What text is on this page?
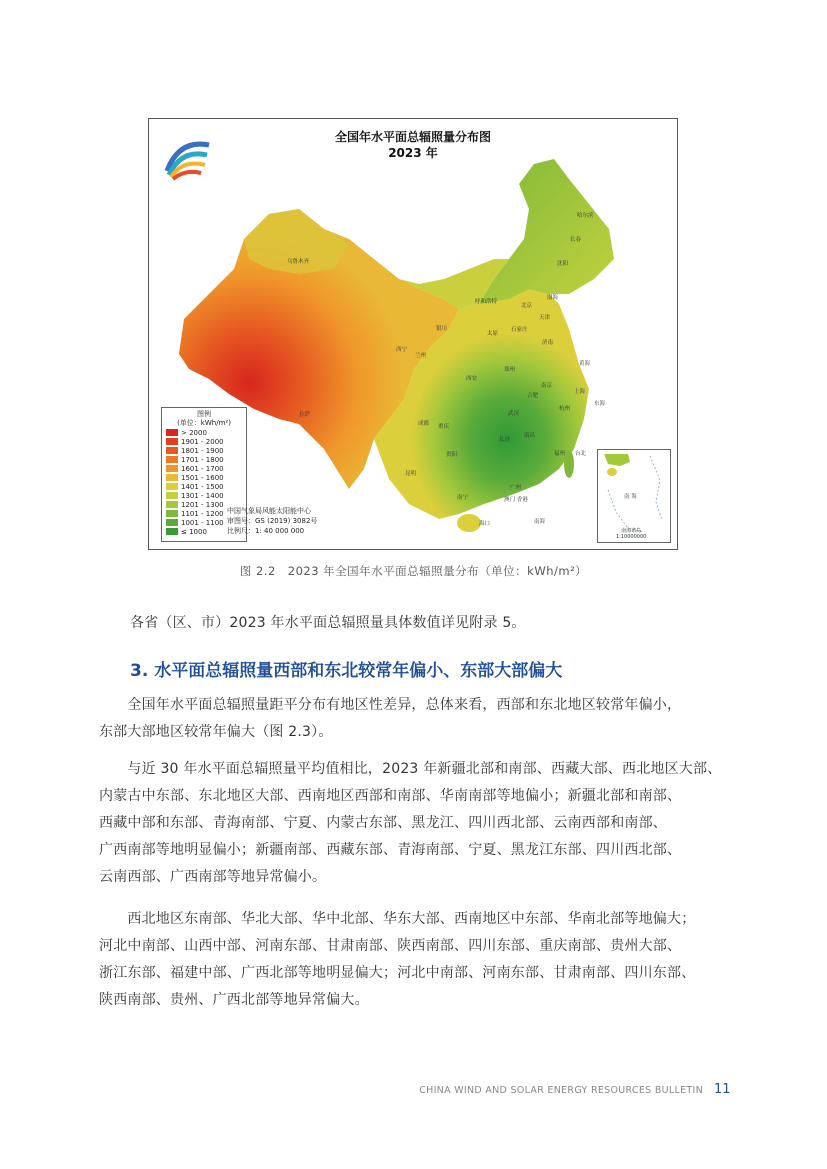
全国年水平面总辐照量分布图
2023 年
乌鲁木齐
拉萨
西宁
兰州
银川
呼和浩特
北京
天津
太原
石家庄
济南
哈尔滨
长春
沈阳
成都 重庆
昆明
贵阳
南宁
广州
福州
海口
武汉
长沙
南昌
杭州
上海
南京
合肥
郑州
西安
台北
澳门 香港
渤海
黄海
东海
南海
图例
(单位：kWh/m²)
> 2000
1901 - 2000
1801 - 1900
1701 - 1800
1601 - 1700
1501 - 1600
1401 - 1500
1301 - 1400
1201 - 1300
1101 - 1200
1001 - 1100
≤ 1000
中国气象局风能太阳能中心
审图号：GS (2019) 3082号
比例尺：1: 40 000 000
南 海
南海诸岛
1:10000000
图 2.2　2023 年全国年水平面总辐照量分布（单位：kWh/m²）
各省（区、市）2023 年水平面总辐照量具体数值详见附录 5。
3. 水平面总辐照量西部和东北较常年偏小、东部大部偏大
　　全国年水平面总辐照量距平分布有地区性差异，总体来看，西部和东北地区较常年偏小，
东部大部地区较常年偏大（图 2.3）。
　　与近 30 年水平面总辐照量平均值相比，2023 年新疆北部和南部、西藏大部、西北地区大部、
内蒙古中东部、东北地区大部、西南地区西部和南部、华南南部等地偏小；新疆北部和南部、
西藏中部和东部、青海南部、宁夏、内蒙古东部、黑龙江、四川西北部、云南西部和南部、
广西南部等地明显偏小；新疆南部、西藏东部、青海南部、宁夏、黑龙江东部、四川西北部、
云南西部、广西南部等地异常偏小。
　　西北地区东南部、华北大部、华中北部、华东大部、西南地区中东部、华南北部等地偏大；
河北中南部、山西中部、河南东部、甘肃南部、陕西南部、四川东部、重庆南部、贵州大部、
浙江东部、福建中部、广西北部等地明显偏大；河北中南部、河南东部、甘肃南部、四川东部、
陕西南部、贵州、广西北部等地异常偏大。
CHINA WIND AND SOLAR ENERGY RESOURCES BULLETIN 11
